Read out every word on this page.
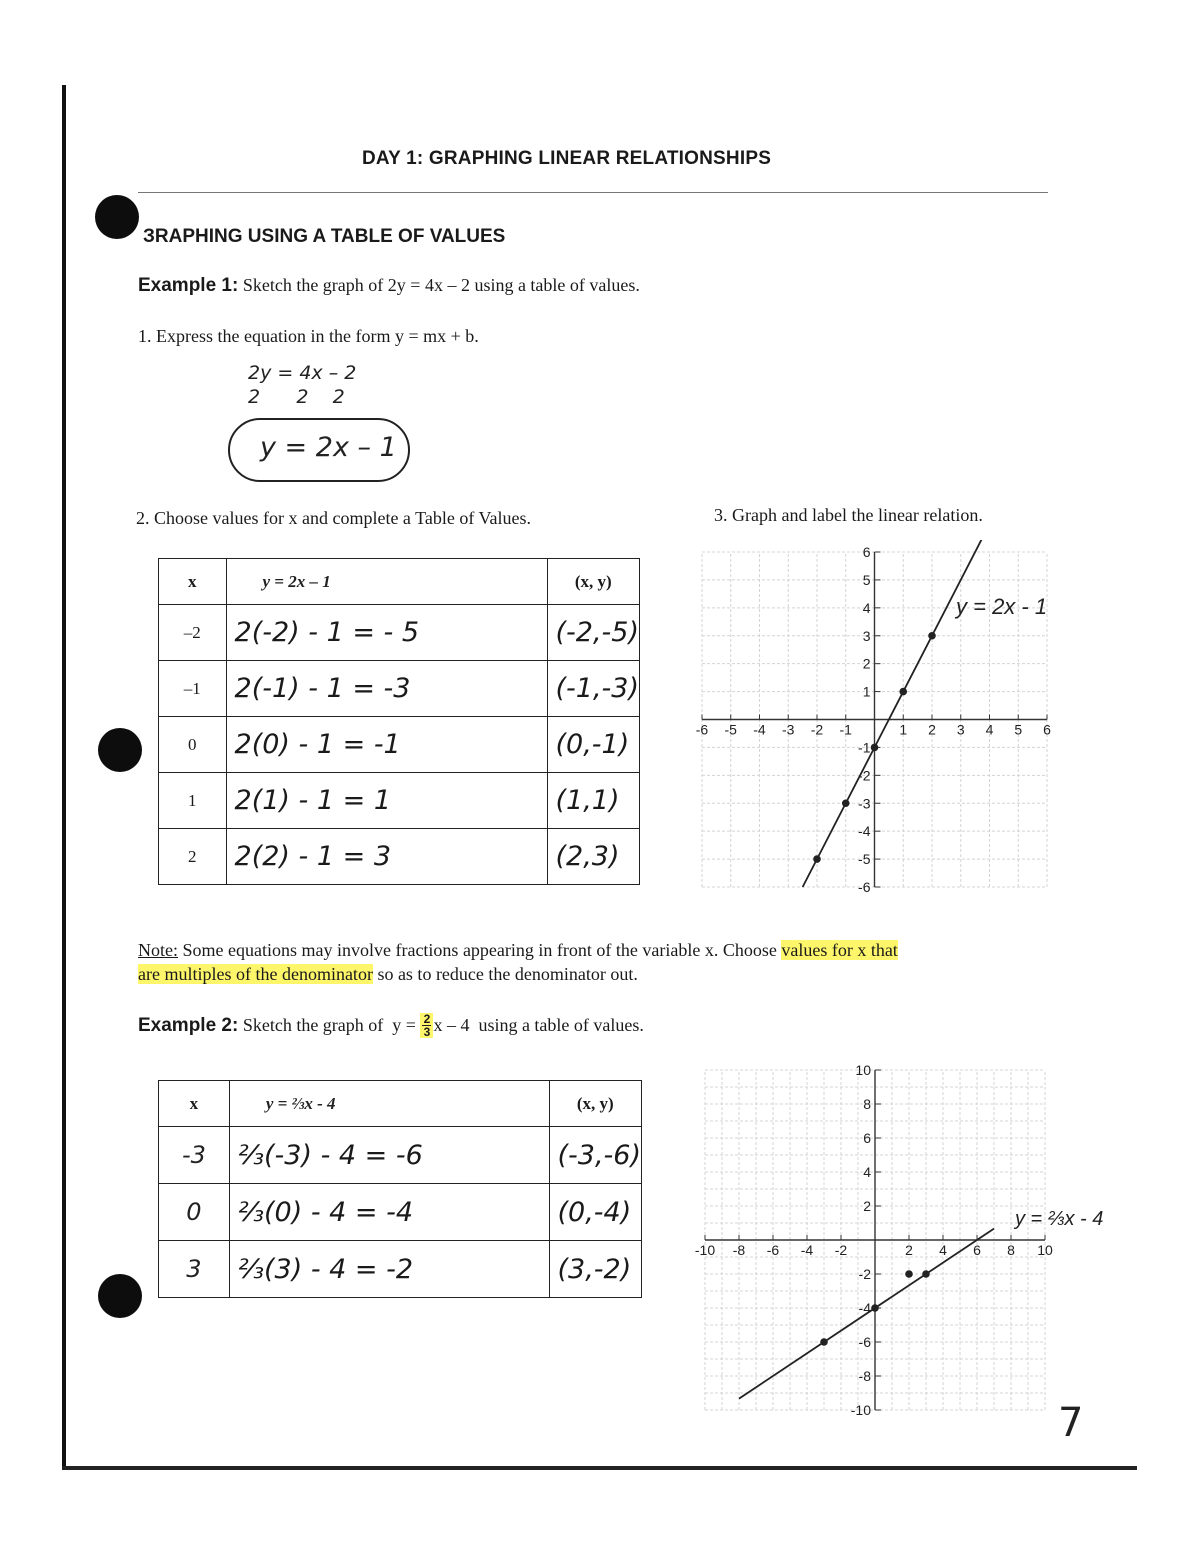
DAY 1: GRAPHING LINEAR RELATIONSHIPS
ЗRAPHING USING A TABLE OF VALUES
Example 1: Sketch the graph of 2y = 4x – 2 using a table of values.
1. Express the equation in the form y = mx + b.
2y = 4x – 2
2      2    2
y = 2x – 1
2. Choose values for x and complete a Table of Values.	3. Graph and label the linear relation.
x	y = 2x – 1	(x, y)
–2	2(-2) - 1 = - 5	(-2,-5)
–1	2(-1) - 1 = -3	(-1,-3)
0	2(0) - 1 = -1	(0,-1)
1	2(1) - 1 = 1	(1,1)
2	2(2) - 1 = 3	(2,3)
-6 -5 -4 -3 -2 -1	1 2 3 4 5 6
-6
-5
-4
-3
-2
-1
1
2
3
4
5
6
y = 2x - 1
Note: Some equations may involve fractions appearing in front of the variable x. Choose values for x that
are multiples of the denominator so as to reduce the denominator out.
Example 2:
Sketch the graph of  $y = \frac{2}{3}$ x – 4  using a table of values.
x	y = ⅔x - 4	(x, y)
-3	⅔(-3) - 4 = -6	(-3,-6)
0	⅔(0) - 4 = -4	(0,-4)
3	⅔(3) - 4 = -2	(3,-2)
-10 -8 -6 -4 -2	2 4 6 8 10
-10
-8
-6
-4
-2
2
4
6
8
10
y = ⅔x - 4
7
